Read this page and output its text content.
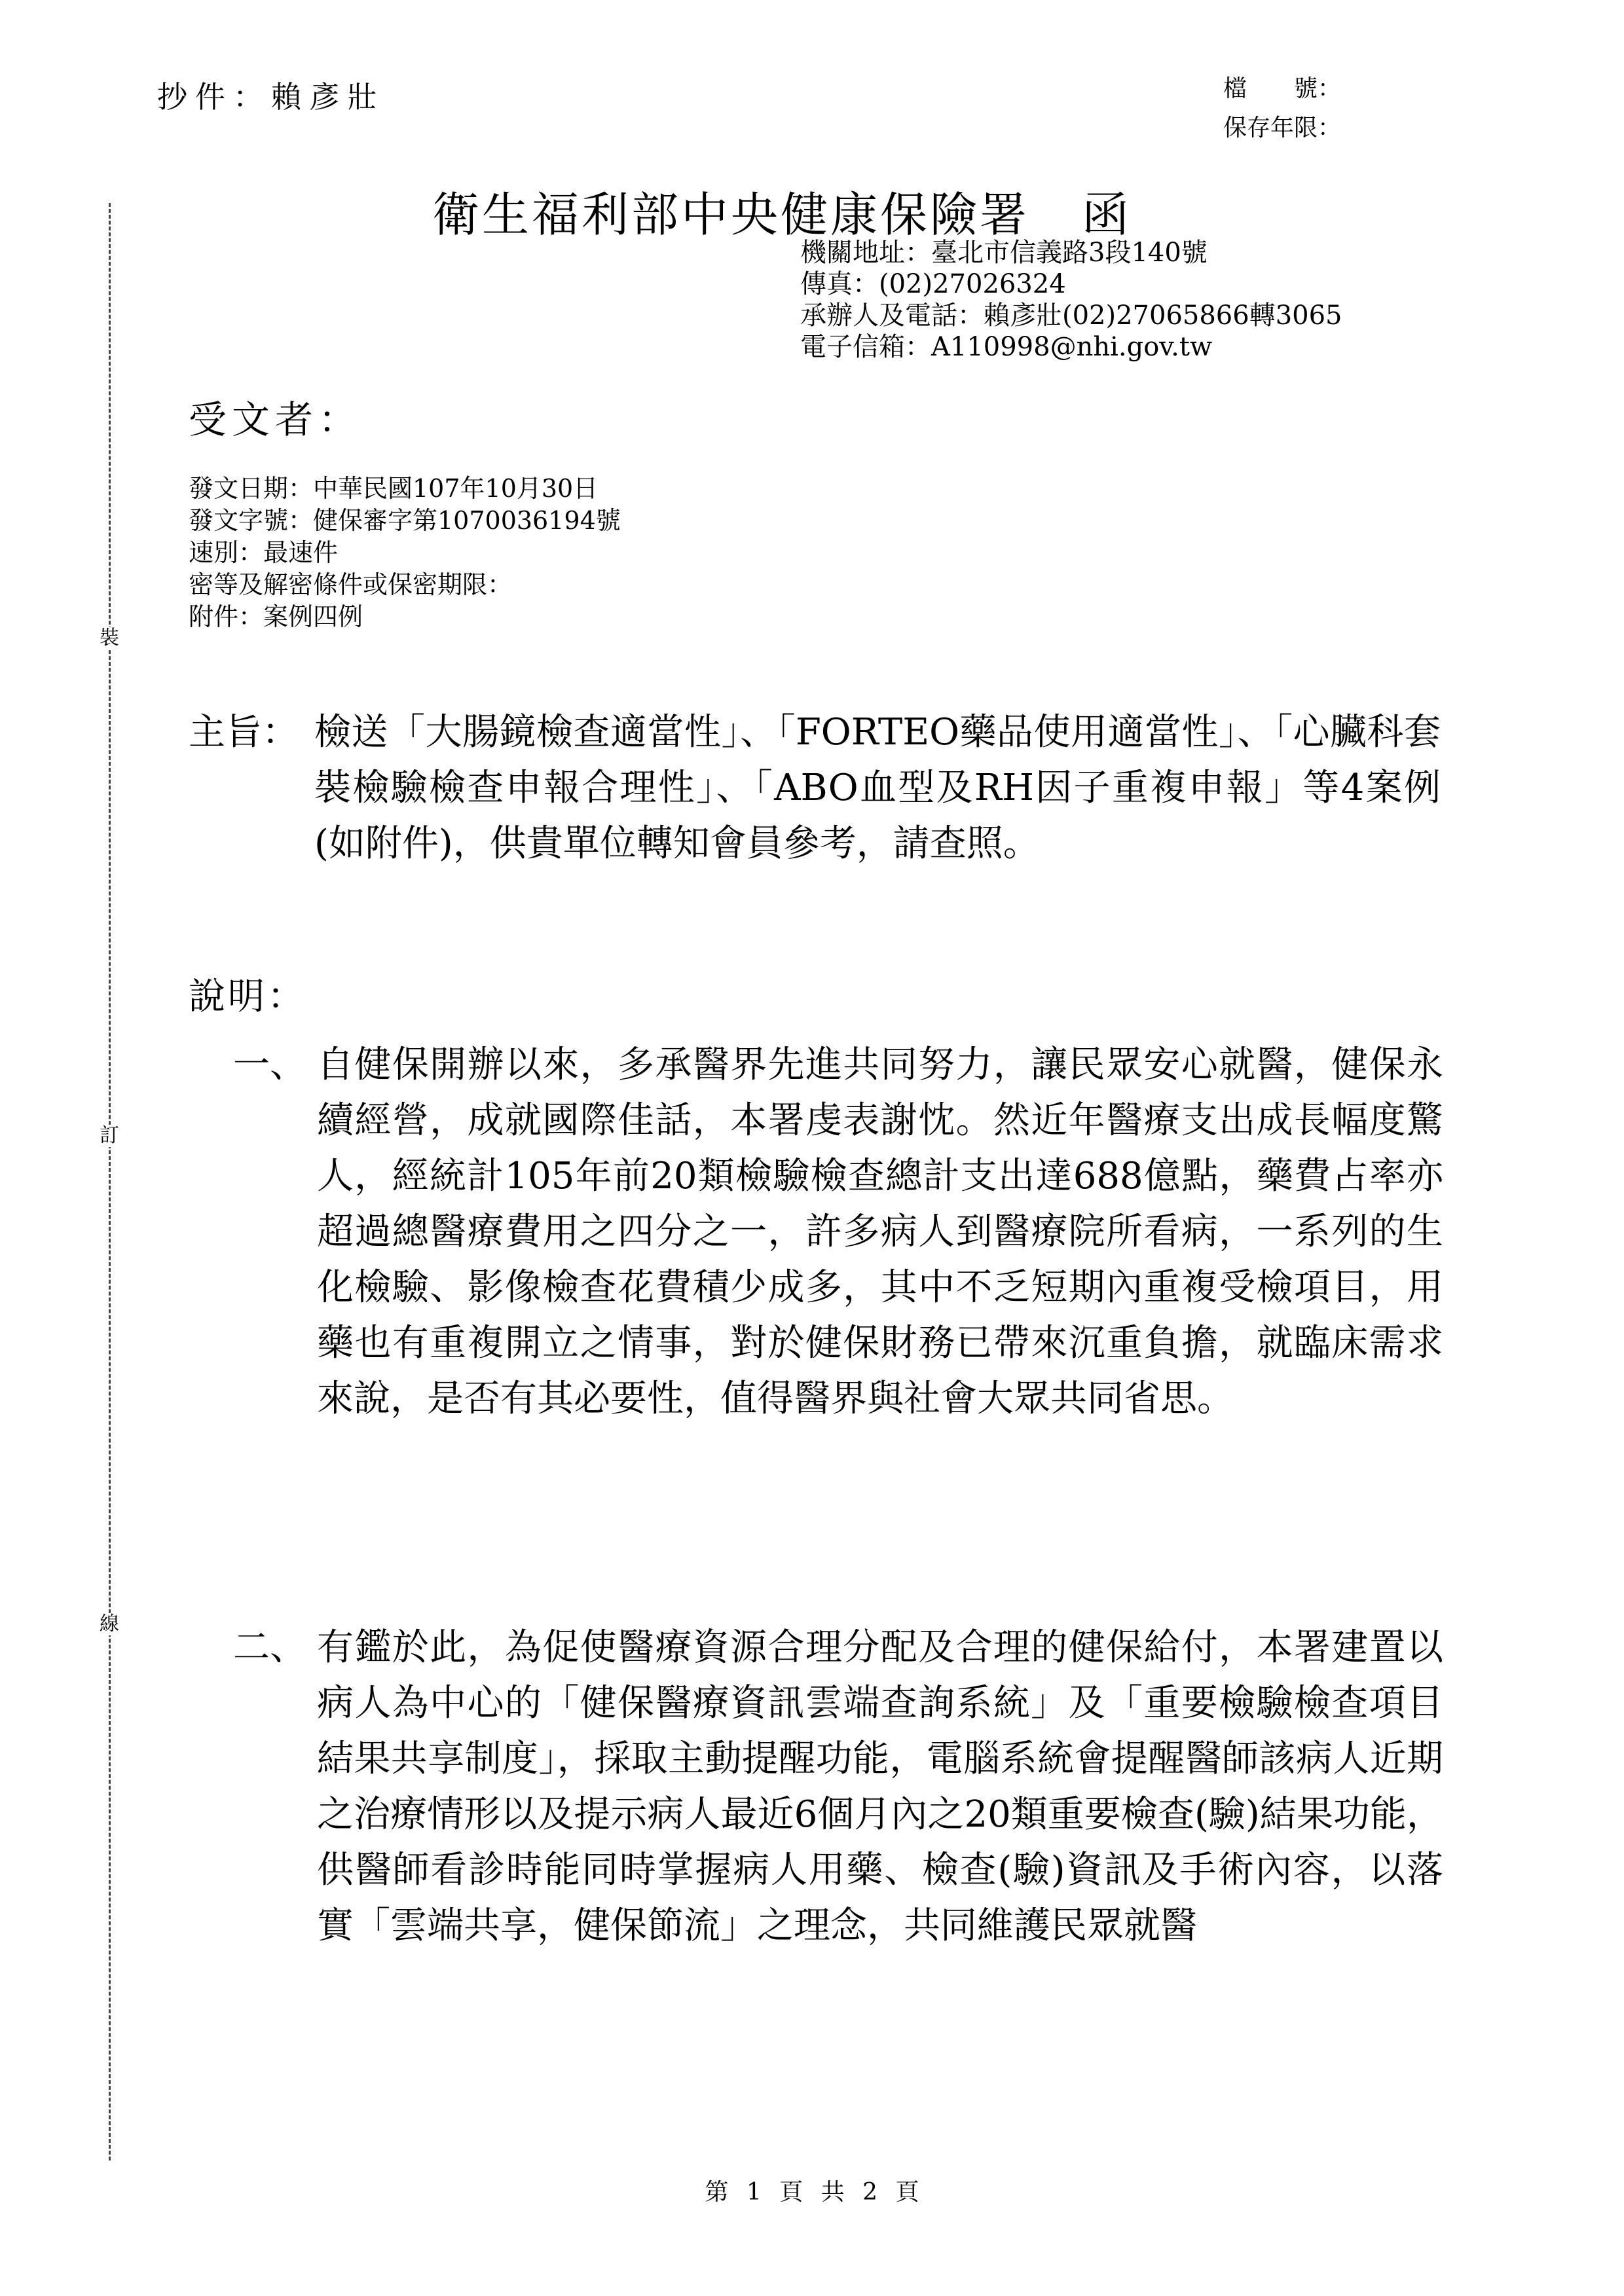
抄件：賴彥壯	檔　　號：
保存年限：
衛生福利部中央健康保險署 函
機關地址：臺北市信義路3段140號
傳真：(02)27026324
承辦人及電話：賴彥壯(02)27065866轉3065
電子信箱：A110998@nhi.gov.tw
受文者：
發文日期：中華民國107年10月30日
發文字號：健保審字第1070036194號
速別：最速件
密等及解密條件或保密期限：
附件：案例四例
裝
訂
線
主旨： 檢送「大腸鏡檢查適當性」、「FORTEO藥品使用適當性」、「心臟科套裝檢驗檢查申報合理性」、「ABO血型及RH因子重複申報」等4案例(如附件)，供貴單位轉知會員參考，請查照。
說明：
一、 自健保開辦以來，多承醫界先進共同努力，讓民眾安心就醫，健保永續經營，成就國際佳話，本署虔表謝忱。然近年醫療支出成長幅度驚人，經統計105年前20類檢驗檢查總計支出達688億點，藥費占率亦超過總醫療費用之四分之一，許多病人到醫療院所看病，一系列的生化檢驗、影像檢查花費積少成多，其中不乏短期內重複受檢項目，用藥也有重複開立之情事，對於健保財務已帶來沉重負擔，就臨床需求來說，是否有其必要性，值得醫界與社會大眾共同省思。
二、 有鑑於此，為促使醫療資源合理分配及合理的健保給付，本署建置以病人為中心的「健保醫療資訊雲端查詢系統」及「重要檢驗檢查項目結果共享制度」，採取主動提醒功能，電腦系統會提醒醫師該病人近期之治療情形以及提示病人最近6個月內之20類重要檢查(驗)結果功能，供醫師看診時能同時掌握病人用藥、檢查(驗)資訊及手術內容，以落實「雲端共享，健保節流」之理念，共同維護民眾就醫
第 1 頁 共 2 頁
